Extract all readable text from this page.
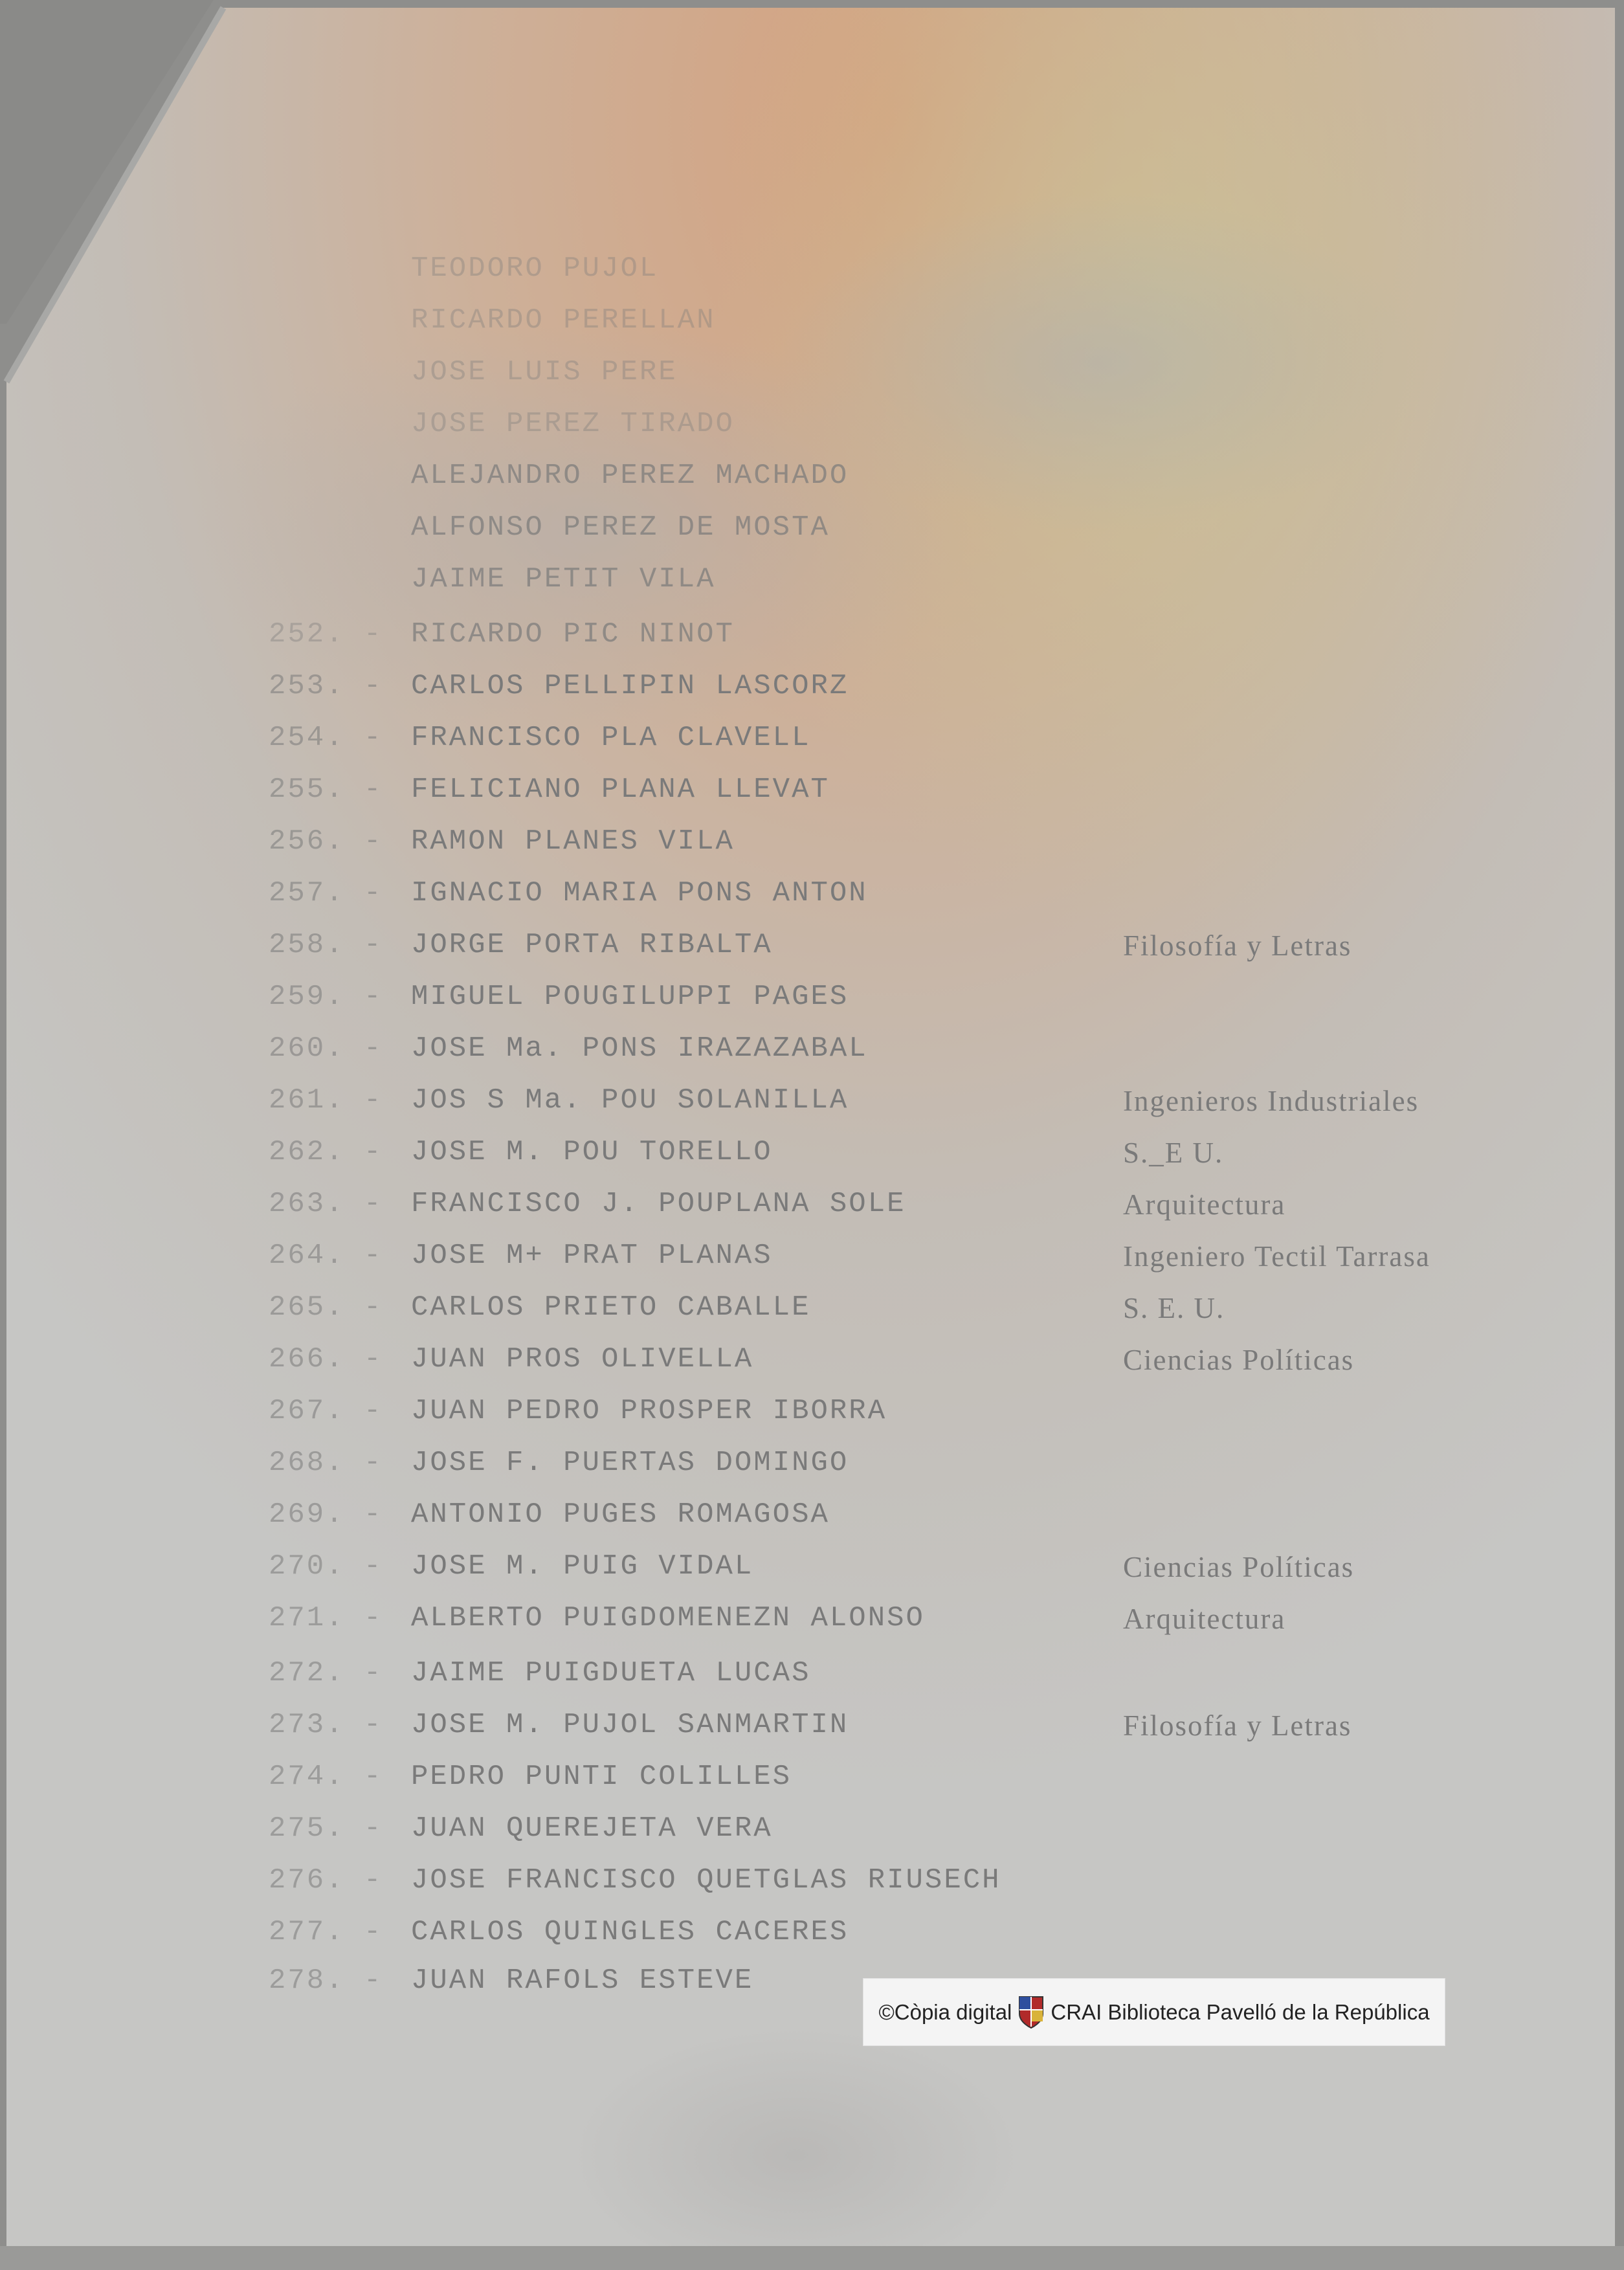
TEODORO PUJOL
RICARDO PERELLAN
JOSE LUIS PERE
JOSE PEREZ TIRADO
ALEJANDRO PEREZ MACHADO
ALFONSO PEREZ DE MOSTA
JAIME PETIT VILA
252. - RICARDO PIC NINOT
253. - CARLOS PELLIPIN LASCORZ
254. - FRANCISCO PLA CLAVELL
255. - FELICIANO PLANA LLEVAT
256. - RAMON PLANES VILA
257. - IGNACIO MARIA PONS ANTON
258. - JORGE PORTA RIBALTA	Filosofía y Letras
259. - MIGUEL POUGILUPPI PAGES
260. - JOSE Ma. PONS IRAZAZABAL
261. - JOS S Ma. POU SOLANILLA	Ingenieros Industriales
262. - JOSE M. POU TORELLO	S._E U.
263. - FRANCISCO J. POUPLANA SOLE	Arquitectura
264. - JOSE M+ PRAT PLANAS	Ingeniero Tectil Tarrasa
265. - CARLOS PRIETO CABALLE	S. E. U.
266. - JUAN PROS OLIVELLA	Ciencias Políticas
267. - JUAN PEDRO PROSPER IBORRA
268. - JOSE F. PUERTAS DOMINGO
269. - ANTONIO PUGES ROMAGOSA
270. - JOSE M. PUIG VIDAL	Ciencias Políticas
271. - ALBERTO PUIGDOMENEZN ALONSO	Arquitectura
272. - JAIME PUIGDUETA LUCAS
273. - JOSE M. PUJOL SANMARTIN	Filosofía y Letras
274. - PEDRO PUNTI COLILLES
275. - JUAN QUEREJETA VERA
276. - JOSE FRANCISCO QUETGLAS RIUSECH
277. - CARLOS QUINGLES CACERES
278. - JUAN RAFOLS ESTEVE
©Còpia digital CRAI Biblioteca Pavelló de la República
